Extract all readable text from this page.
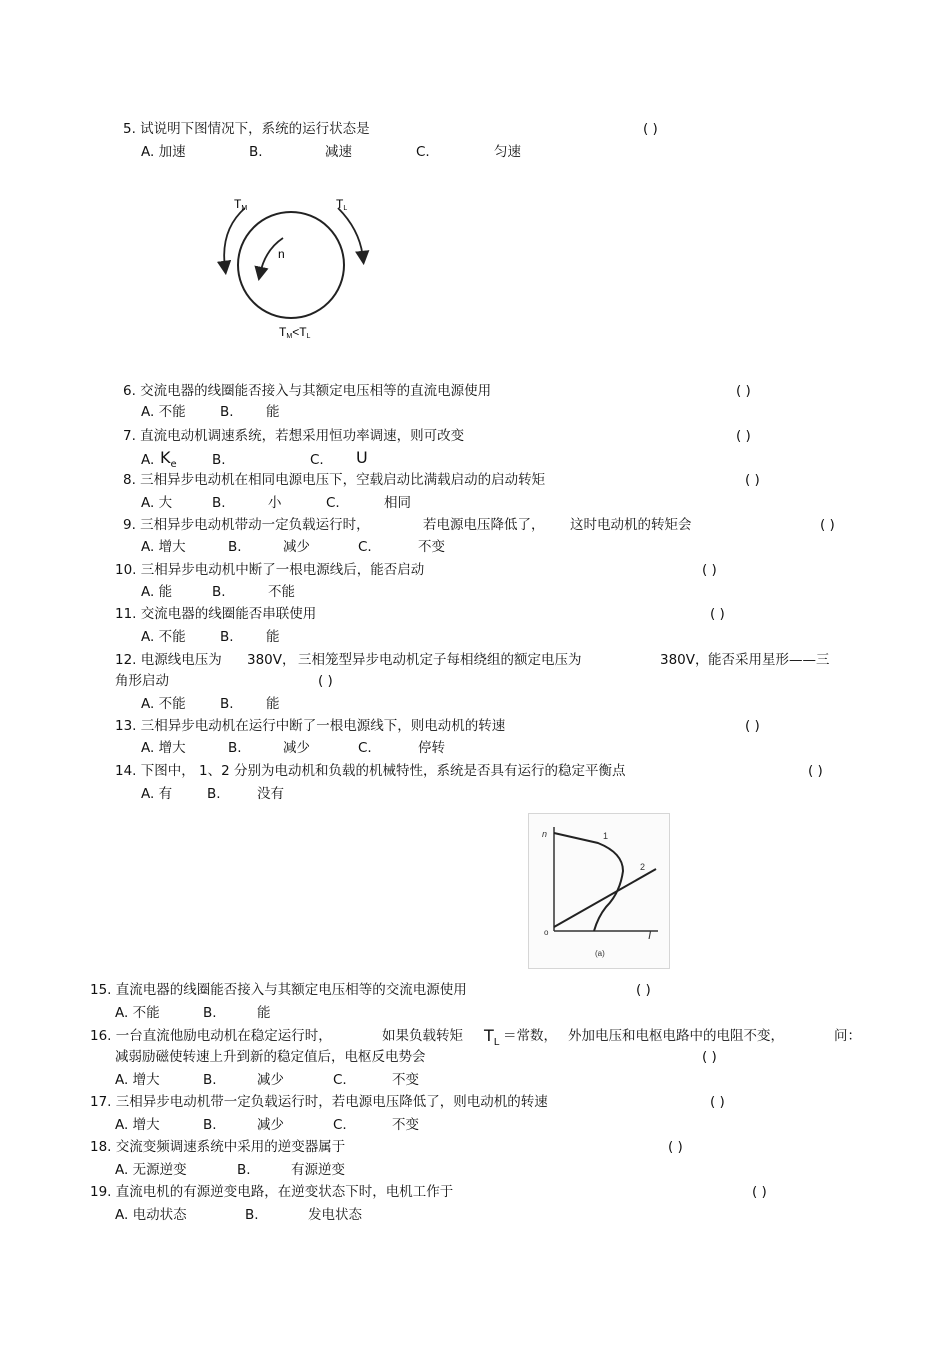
5. 试说明下图情况下，系统的运行状态是	( )
A. 加速	B.	减速	C.	匀速
TM	TL
n
TM<TL
6. 交流电器的线圈能否接入与其额定电压相等的直流电源使用	( )
A. 不能	B. 能
7. 直流电动机调速系统，若想采用恒功率调速，则可改变	( )
A. $K_e$	B.	C. U
8. 三相异步电动机在相同电源电压下，空载启动比满载启动的启动转矩	( )
A. 大	B.	小	C.	相同
9. 三相异步电动机带动一定负载运行时，	若电源电压降低了， 这时电动机的转矩会	( )
A. 增大	B.	减少	C.	不变
10. 三相异步电动机中断了一根电源线后，能否启动	( )
A. 能	B.	不能
11. 交流电器的线圈能否串联使用	( )
A. 不能	B. 能
12. 电源线电压为 380V， 三相笼型异步电动机定子每相绕组的额定电压为	380V， 能否采用星形——三
角形启动	( )
A. 不能	B. 能
13. 三相异步电动机在运行中断了一根电源线下，则电动机的转速	( )
A. 增大	B.	减少	C.	停转
14. 下图中， 1、2 分别为电动机和负载的机械特性，系统是否具有运行的稳定平衡点	( )
A. 有	B.	没有
n
o	T
1
2
(a)
15. 直流电器的线圈能否接入与其额定电压相等的交流电源使用	( )
A. 不能	B.	能
16. 一台直流他励电动机在稳定运行时，	如果负载转矩 $T_L$ ＝常数， 外加电压和电枢电路中的电阻不变，	问：
减弱励磁使转速上升到新的稳定值后，电枢反电势会	( )
A. 增大	B.	减少	C.	不变
17. 三相异步电动机带一定负载运行时，若电源电压降低了，则电动机的转速	( )
A. 增大	B.	减少	C.	不变
18. 交流变频调速系统中采用的逆变器属于	( )
A. 无源逆变	B.	有源逆变
19. 直流电机的有源逆变电路，在逆变状态下时，电机工作于	( )
A. 电动状态	B.	发电状态
